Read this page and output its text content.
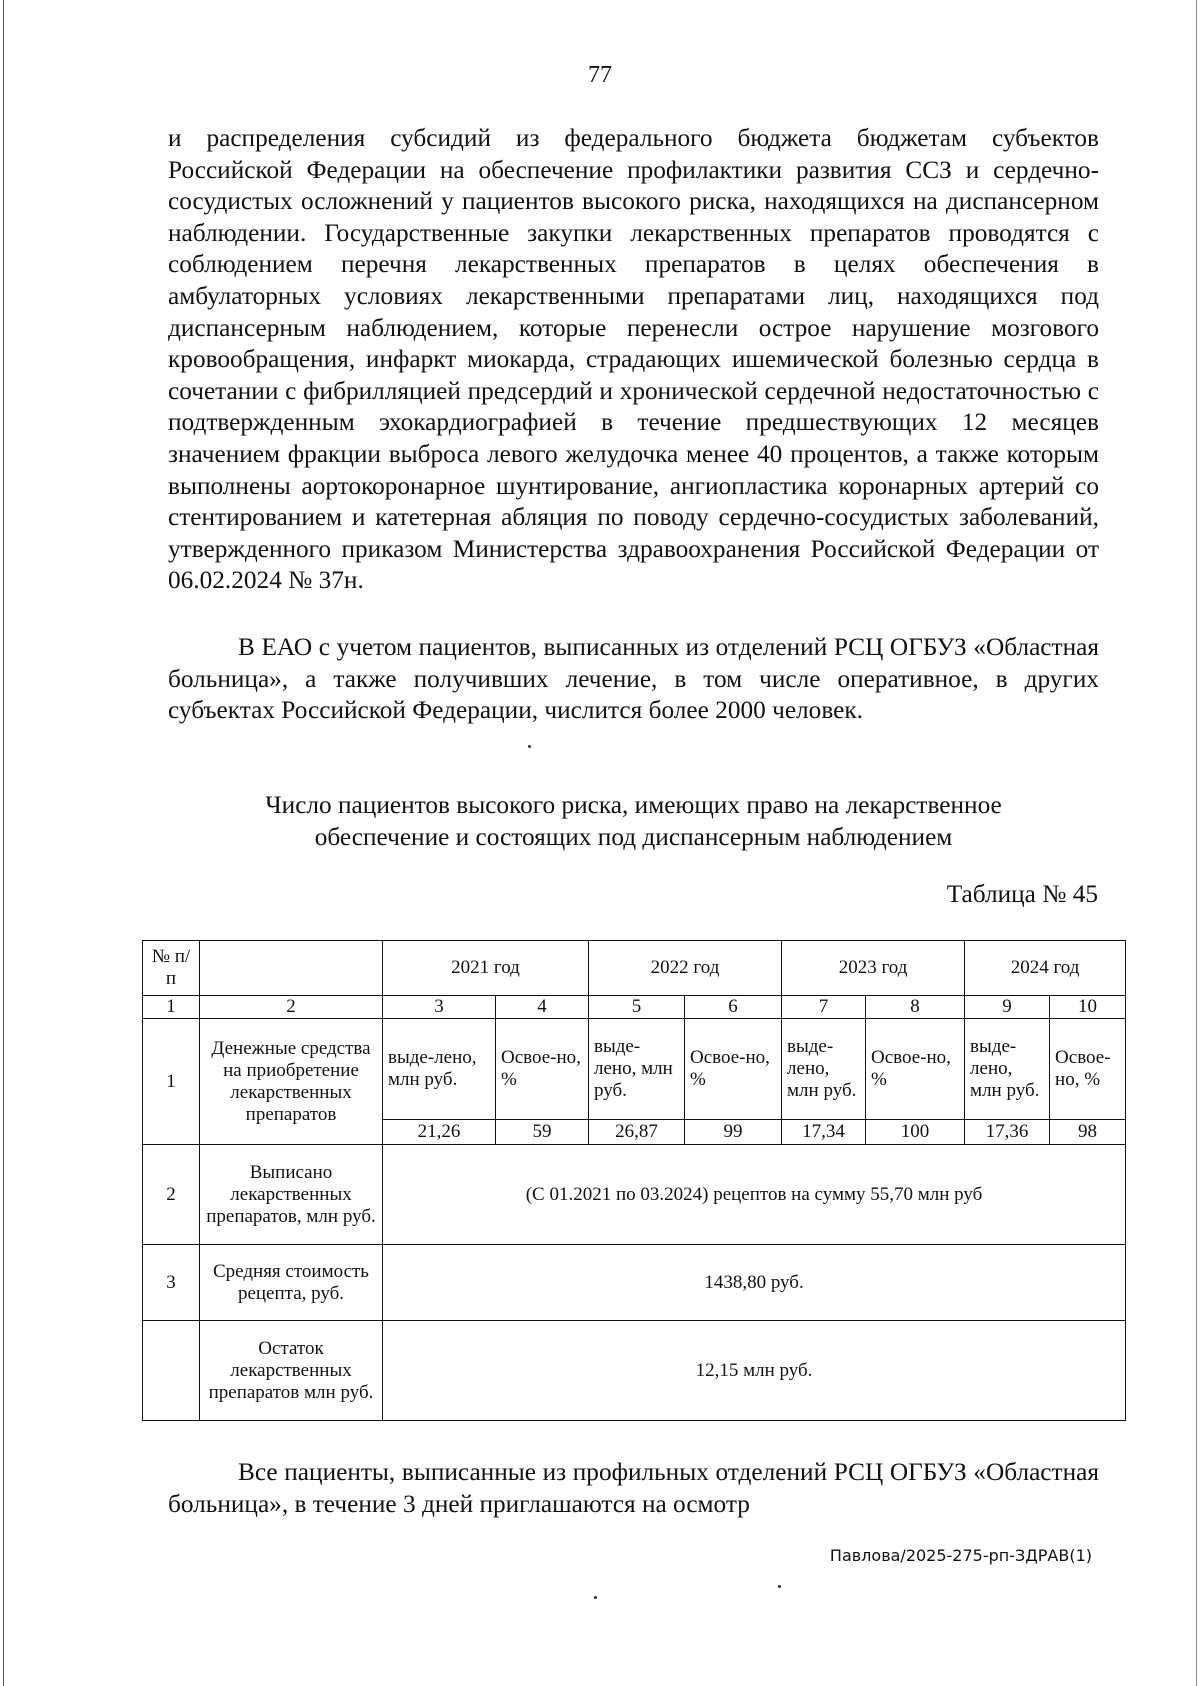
77

и распределения субсидий из федерального бюджета бюджетам субъектов Российской Федерации на обеспечение профилактики развития ССЗ и сердечно-сосудистых осложнений у пациентов высокого риска, находящихся на диспансерном наблюдении. Государственные закупки лекарственных препаратов проводятся с соблюдением перечня лекарственных препаратов в целях обеспечения в амбулаторных условиях лекарственными препаратами лиц, находящихся под диспансерным наблюдением, которые перенесли острое нарушение мозгового кровообращения, инфаркт миокарда, страдающих ишемической болезнью сердца в сочетании с фибрилляцией предсердий и хронической сердечной недостаточностью с подтвержденным эхокардиографией в течение предшествующих 12 месяцев значением фракции выброса левого желудочка менее 40 процентов, а также которым выполнены аортокоронарное шунтирование, ангиопластика коронарных артерий со стентированием и катетерная абляция по поводу сердечно-сосудистых заболеваний, утвержденного приказом Министерства здравоохранения Российской Федерации от 06.02.2024 № 37н.

В ЕАО с учетом пациентов, выписанных из отделений РСЦ ОГБУЗ «Областная больница», а также получивших лечение, в том числе оперативное, в других субъектах Российской Федерации, числится более 2000 человек.

Число пациентов высокого риска, имеющих право на лекарственное
обеспечение и состоящих под диспансерным наблюдением
Таблица № 45
№ п/п		2021 год		2022 год		2023 год		2024 год	
1	2	3	4	5	6	7	8	9	10
1	Денежные средства на приобретение лекарственных препаратов	выде-лено, млн руб.	Освое-но, %	выде-лено, млн руб.	Освое-но, %	выде-лено, млн руб.	Освое-но, %	выде-лено, млн руб.	Освое-но, %
		21,26	59	26,87	99	17,34	100	17,36	98
2	Выписано лекарственных препаратов, млн руб.	(С 01.2021 по 03.2024) рецептов на сумму 55,70 млн руб							
3	Средняя стоимость рецепта, руб.	1438,80 руб.							
	Остаток лекарственных препаратов млн руб.	12,15 млн руб.							

Все пациенты, выписанные из профильных отделений РСЦ ОГБУЗ «Областная больница», в течение 3 дней приглашаются на осмотр

Павлова/2025-275-рп-ЗДРАВ(1)
